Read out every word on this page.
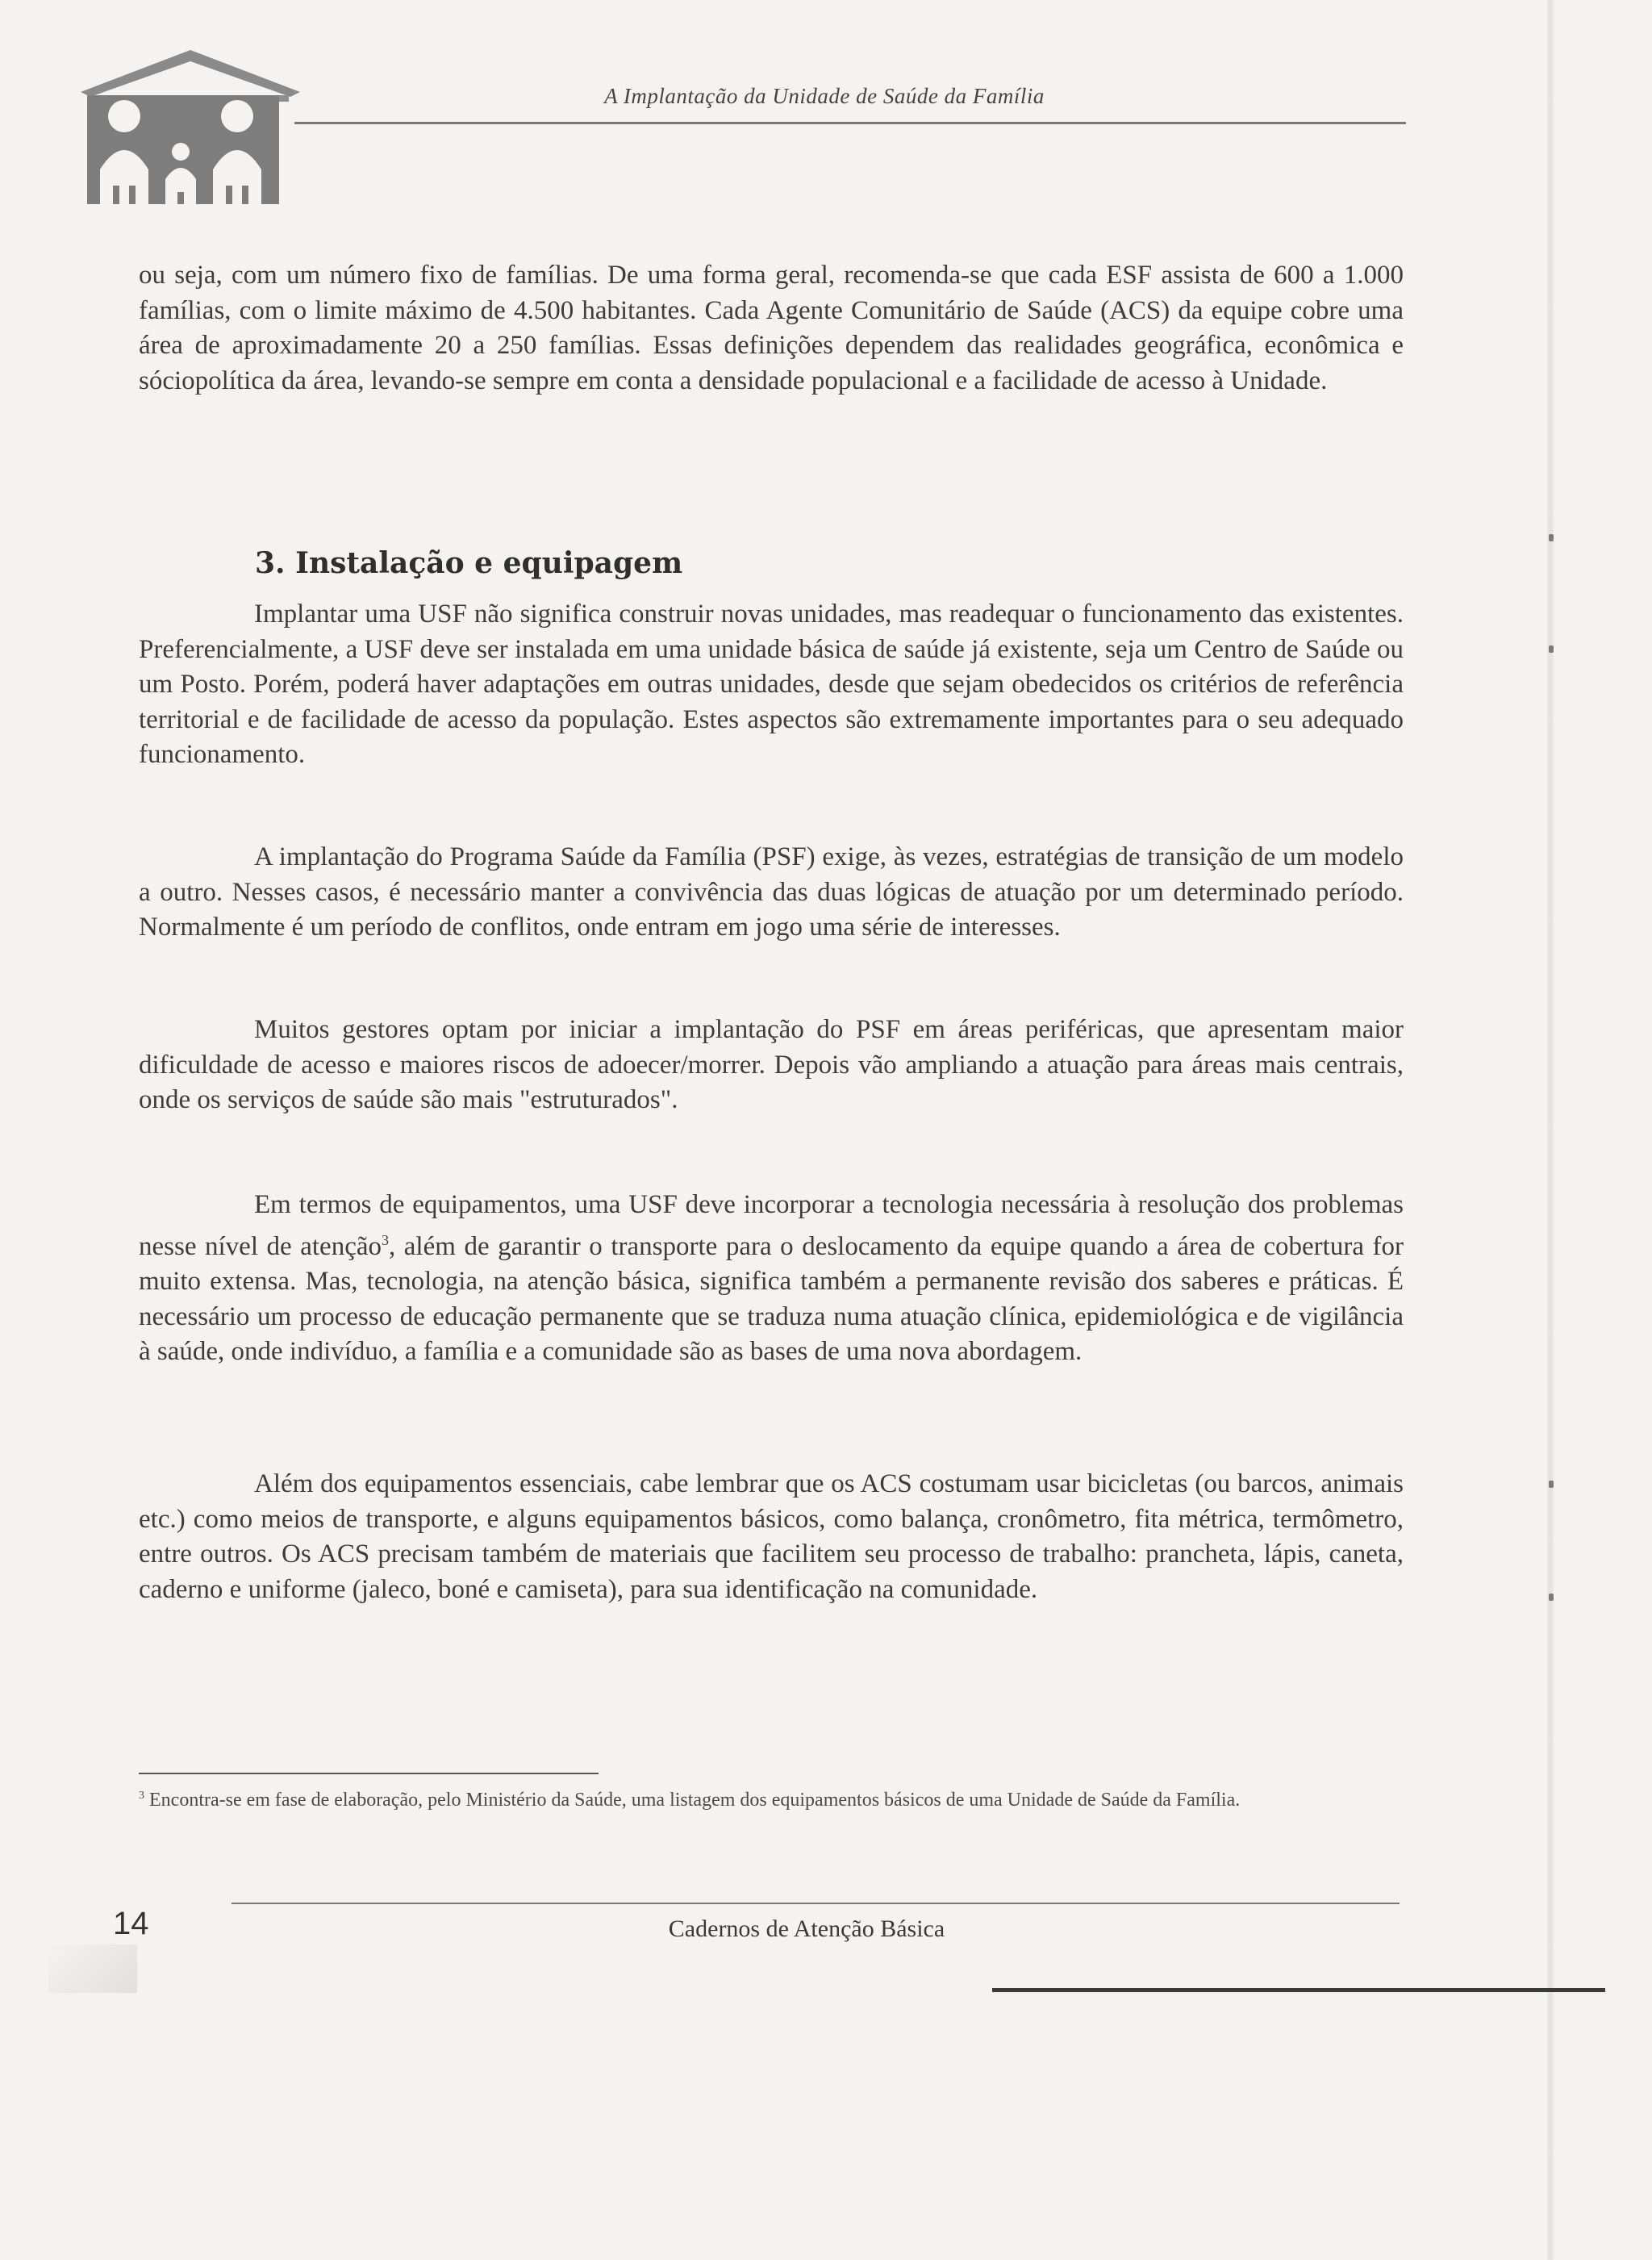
A Implantação da Unidade de Saúde da Família

ou seja, com um número fixo de famílias. De uma forma geral, recomenda-se que cada ESF assista de 600 a 1.000 famílias, com o limite máximo de 4.500 habitantes. Cada Agente Comunitário de Saúde (ACS) da equipe cobre uma área de aproximadamente 20 a 250 famílias. Essas definições dependem das realidades geográfica, econômica e sóciopolítica da área, levando-se sempre em conta a densidade populacional e a facilidade de acesso à Unidade.

3. Instalação e equipagem

Implantar uma USF não significa construir novas unidades, mas readequar o funcionamento das existentes. Preferencialmente, a USF deve ser instalada em uma unidade básica de saúde já existente, seja um Centro de Saúde ou um Posto. Porém, poderá haver adaptações em outras unidades, desde que sejam obedecidos os critérios de referência territorial e de facilidade de acesso da população. Estes aspectos são extremamente importantes para o seu adequado funcionamento.

A implantação do Programa Saúde da Família (PSF) exige, às vezes, estratégias de transição de um modelo a outro. Nesses casos, é necessário manter a convivência das duas lógicas de atuação por um determinado período. Normalmente é um período de conflitos, onde entram em jogo uma série de interesses.

Muitos gestores optam por iniciar a implantação do PSF em áreas periféricas, que apresentam maior dificuldade de acesso e maiores riscos de adoecer/morrer. Depois vão ampliando a atuação para áreas mais centrais, onde os serviços de saúde são mais "estruturados".

Em termos de equipamentos, uma USF deve incorporar a tecnologia necessária à resolução dos problemas nesse nível de atenção$^3$, além de garantir o transporte para o deslocamento da equipe quando a área de cobertura for muito extensa. Mas, tecnologia, na atenção básica, significa também a permanente revisão dos saberes e práticas. É necessário um processo de educação permanente que se traduza numa atuação clínica, epidemiológica e de vigilância à saúde, onde indivíduo, a família e a comunidade são as bases de uma nova abordagem.

Além dos equipamentos essenciais, cabe lembrar que os ACS costumam usar bicicletas (ou barcos, animais etc.) como meios de transporte, e alguns equipamentos básicos, como balança, cronômetro, fita métrica, termômetro, entre outros. Os ACS precisam também de materiais que facilitem seu processo de trabalho: prancheta, lápis, caneta, caderno e uniforme (jaleco, boné e camiseta), para sua identificação na comunidade.

$^3$ Encontra-se em fase de elaboração, pelo Ministério da Saúde, uma listagem dos equipamentos básicos de uma Unidade de Saúde da Família.
14	Cadernos de Atenção Básica
